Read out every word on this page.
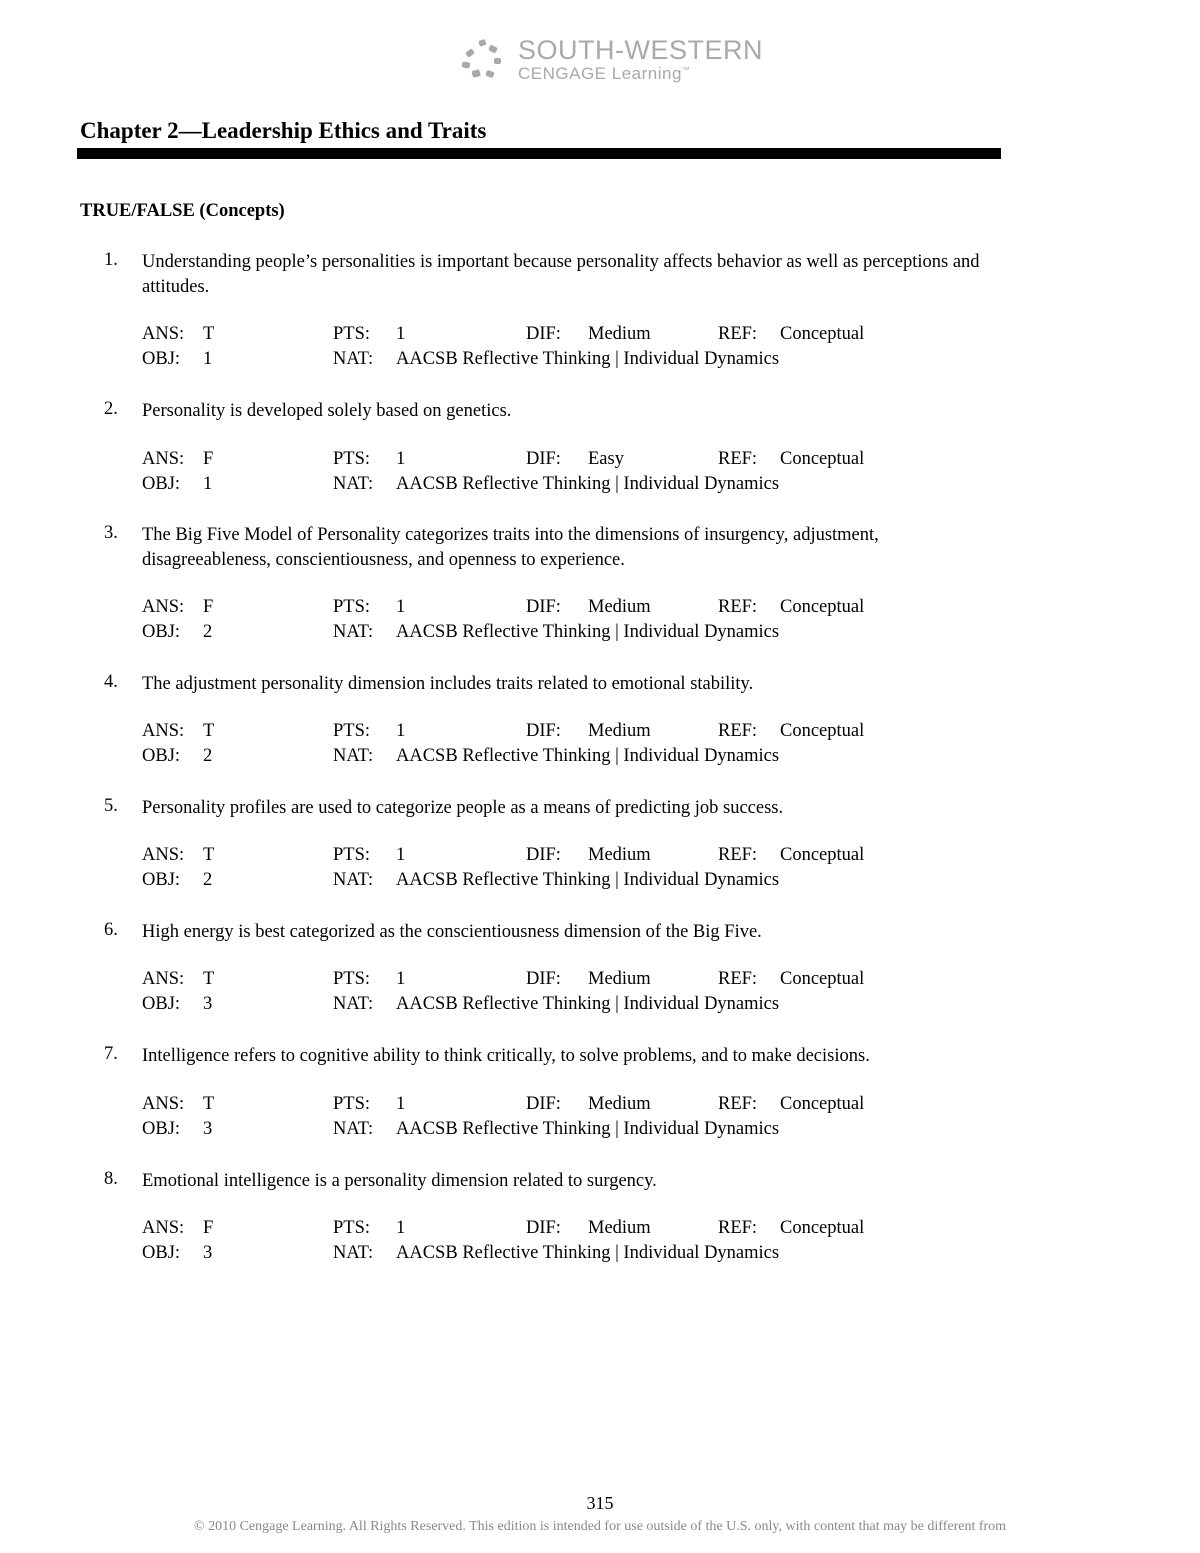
SOUTH-WESTERN
CENGAGE Learning™
Chapter 2—Leadership Ethics and Traits
TRUE/FALSE (Concepts)
1.	Understanding people’s personalities is important because personality affects behavior as well as perceptions and attitudes.
ANS: T	PTS: 1	DIF: Medium	REF: Conceptual
OBJ: 1	NAT: AACSB Reflective Thinking | Individual Dynamics
2.	Personality is developed solely based on genetics.
ANS: F	PTS: 1	DIF: Easy	REF: Conceptual
OBJ: 1	NAT: AACSB Reflective Thinking | Individual Dynamics
3.	The Big Five Model of Personality categorizes traits into the dimensions of insurgency, adjustment, disagreeableness, conscientiousness, and openness to experience.
ANS: F	PTS: 1	DIF: Medium	REF: Conceptual
OBJ: 2	NAT: AACSB Reflective Thinking | Individual Dynamics
4.	The adjustment personality dimension includes traits related to emotional stability.
ANS: T	PTS: 1	DIF: Medium	REF: Conceptual
OBJ: 2	NAT: AACSB Reflective Thinking | Individual Dynamics
5.	Personality profiles are used to categorize people as a means of predicting job success.
ANS: T	PTS: 1	DIF: Medium	REF: Conceptual
OBJ: 2	NAT: AACSB Reflective Thinking | Individual Dynamics
6.	High energy is best categorized as the conscientiousness dimension of the Big Five.
ANS: T	PTS: 1	DIF: Medium	REF: Conceptual
OBJ: 3	NAT: AACSB Reflective Thinking | Individual Dynamics
7.	Intelligence refers to cognitive ability to think critically, to solve problems, and to make decisions.
ANS: T	PTS: 1	DIF: Medium	REF: Conceptual
OBJ: 3	NAT: AACSB Reflective Thinking | Individual Dynamics
8.	Emotional intelligence is a personality dimension related to surgency.
ANS: F	PTS: 1	DIF: Medium	REF: Conceptual
OBJ: 3	NAT: AACSB Reflective Thinking | Individual Dynamics
315
© 2010 Cengage Learning. All Rights Reserved. This edition is intended for use outside of the U.S. only, with content that may be different from
